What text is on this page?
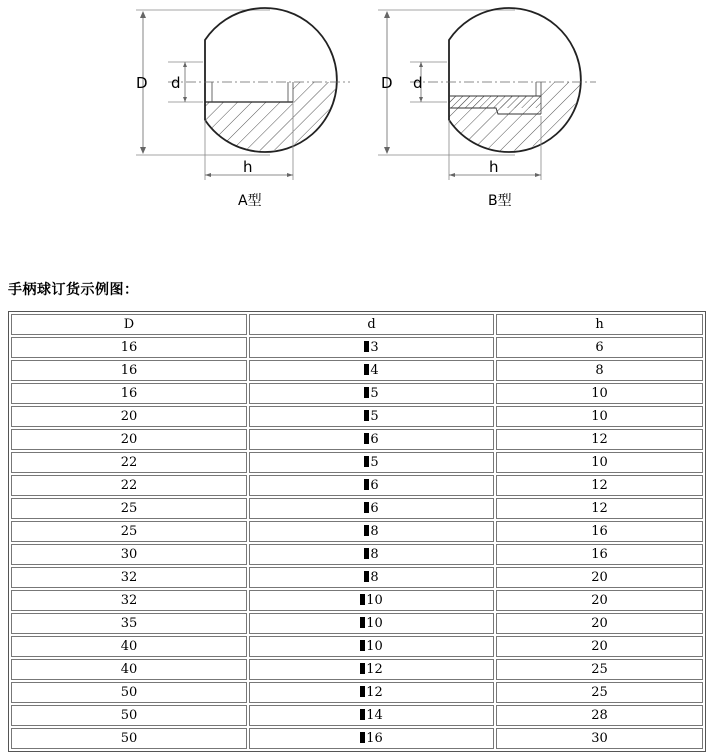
D d
h
A型
D d
h
B型
手柄球订货示例图：
D	d	h
16	3	6
16	4	8
16	5	10
20	5	10
20	6	12
22	5	10
22	6	12
25	6	12
25	8	16
30	8	16
32	8	20
32	10	20
35	10	20
40	10	20
40	12	25
50	12	25
50	14	28
50	16	30
